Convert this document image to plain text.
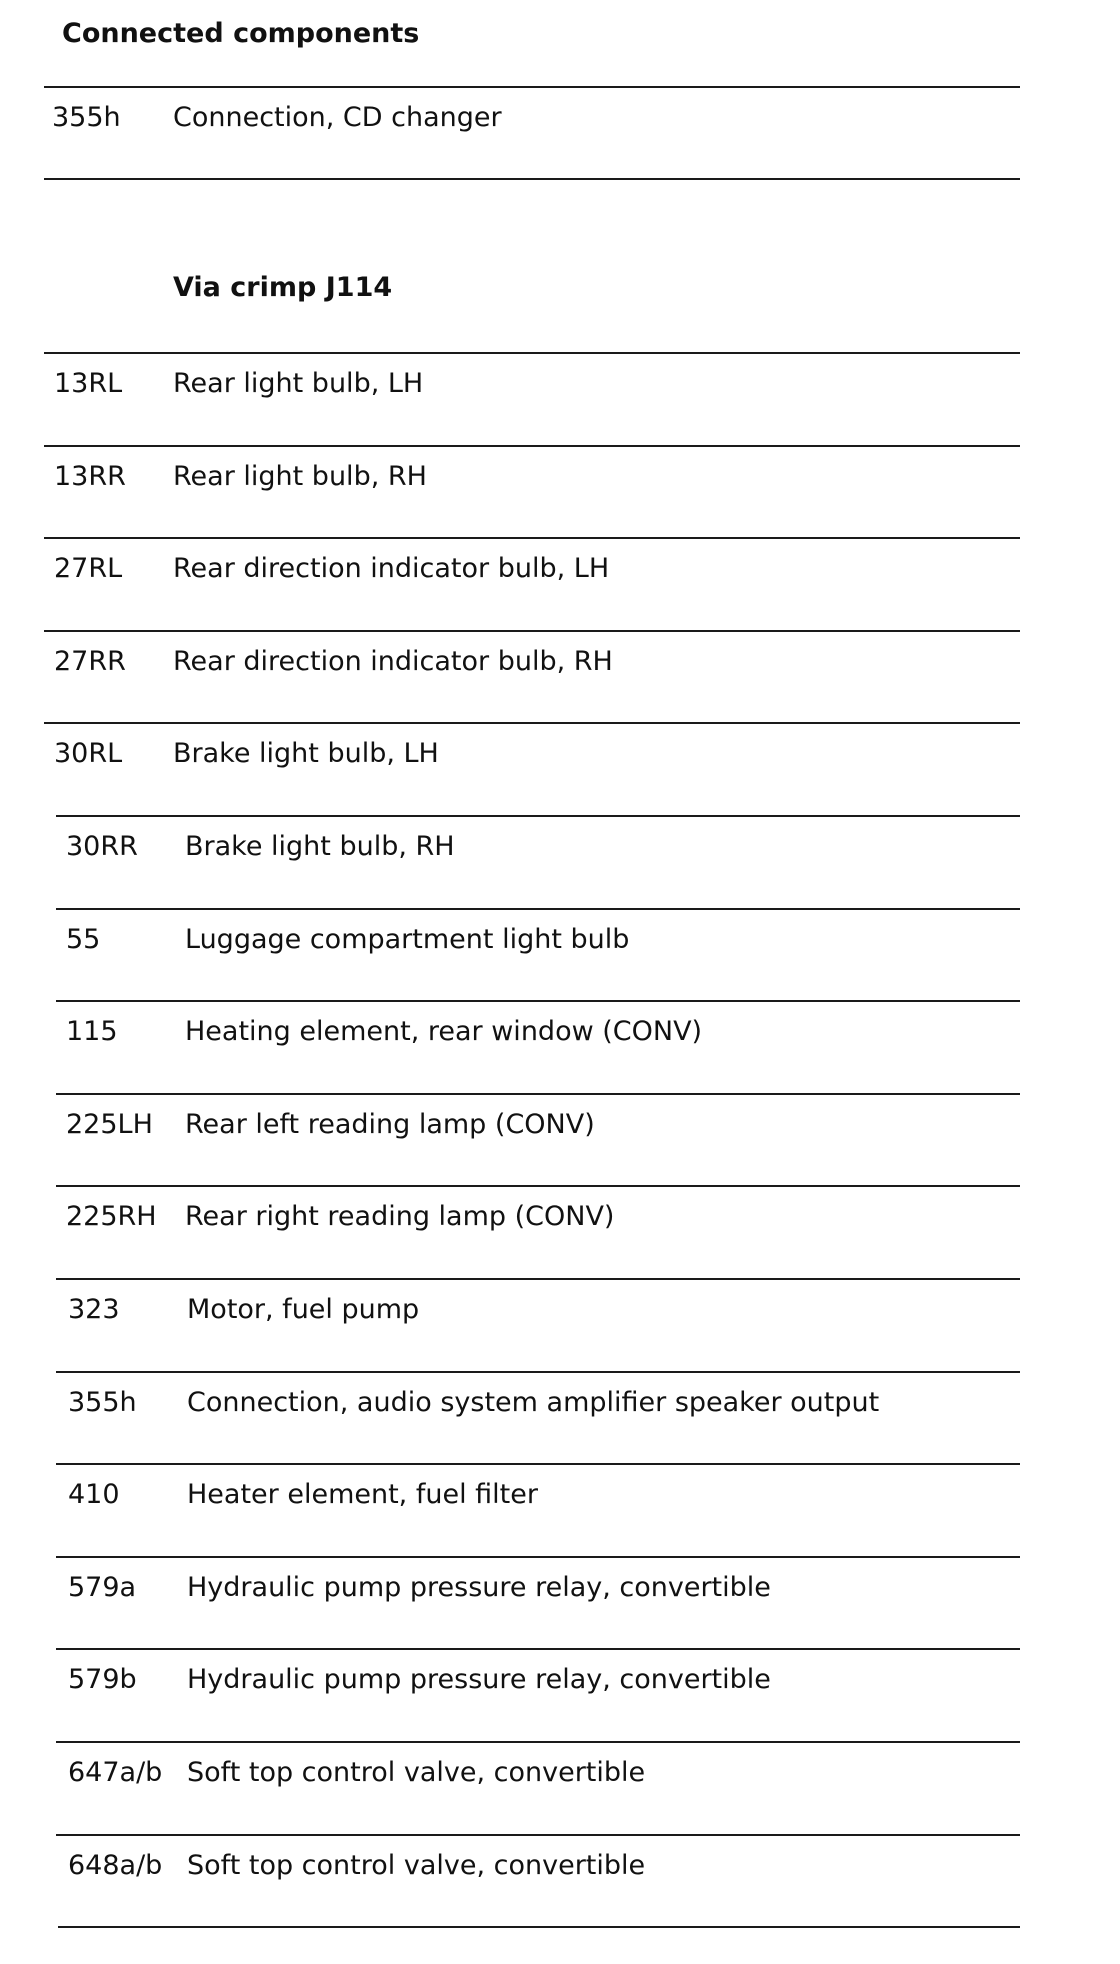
Connected components
355h Connection, CD changer
Via crimp J114
13RL Rear light bulb, LH
13RR Rear light bulb, RH
27RL Rear direction indicator bulb, LH
27RR Rear direction indicator bulb, RH
30RL Brake light bulb, LH
30RR Brake light bulb, RH
55	Luggage compartment light bulb
115 Heating element, rear window (CONV)
225LH Rear left reading lamp (CONV)
225RH Rear right reading lamp (CONV)
323 Motor, fuel pump
355h Connection, audio system amplifier speaker output
410 Heater element, fuel filter
579a Hydraulic pump pressure relay, convertible
579b Hydraulic pump pressure relay, convertible
647a/b Soft top control valve, convertible
648a/b Soft top control valve, convertible
